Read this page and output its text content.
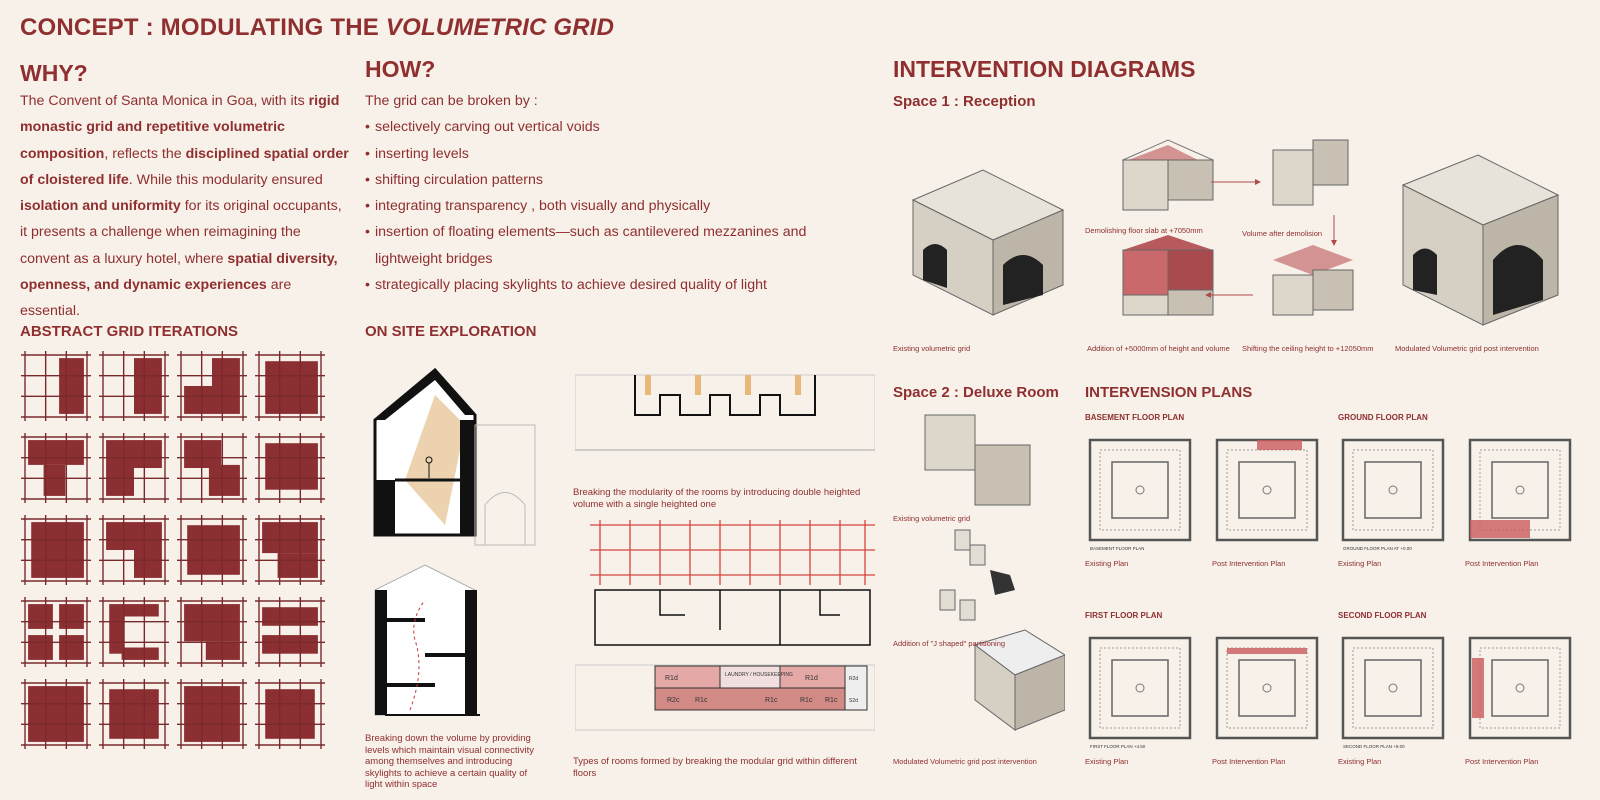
CONCEPT : MODULATING THE VOLUMETRIC GRID
WHY?
The Convent of Santa Monica in Goa, with its rigid monastic grid and repetitive volumetric composition, reflects the disciplined spatial order of cloistered life. While this modularity ensured isolation and uniformity for its original occupants, it presents a challenge when reimagining the convent as a luxury hotel, where spatial diversity, openness, and dynamic experiences are essential.
HOW?
The grid can be broken by :
• selectively carving out vertical voids
• inserting levels
• shifting circulation patterns
• integrating transparency , both visually and physically
• insertion of floating elements—such as cantilevered mezzanines and lightweight bridges
• strategically placing skylights to achieve desired quality of light
ABSTRACT GRID ITERATIONS	ON SITE EXPLORATION
Breaking down the volume by providing levels which maintain visual connectivity among themselves and introducing skylights to achieve a certain quality of light within space
Breaking the modularity of the rooms by introducing double heighted volume with a single heighted one
R1d	LAUNDRY / HOUSEKEEPING R1d
R2c R1c	R1c	R1c R1c
R2d
S2d
Types of rooms formed by breaking the modular grid within different floors
INTERVENTION DIAGRAMS
Space 1 : Reception
Existing volumetric grid
Demolishing floor slab at +7050mm	Volume after demolision
Addition of +5000mm of height and volume Shifting the ceiling height to +12050mm	Modulated Volumetric grid post intervention
Space 2 : Deluxe Room
Existing volumetric grid
Addition of "J shaped" partitioning
Modulated Volumetric grid post intervention
INTERVENSION PLANS
BASEMENT FLOOR PLAN	GROUND FLOOR PLAN
FIRST FLOOR PLAN	SECOND FLOOR PLAN
Existing Plan	Post Intervention Plan	Existing Plan	Post Intervention Plan
Existing Plan	Post Intervention Plan	Existing Plan	Post Intervention Plan
BASEMENT FLOOR PLAN	GROUND FLOOR PLAN AT +0.00
FIRST FLOOR PLAN +4.50	SECOND FLOOR PLAN +9.00
